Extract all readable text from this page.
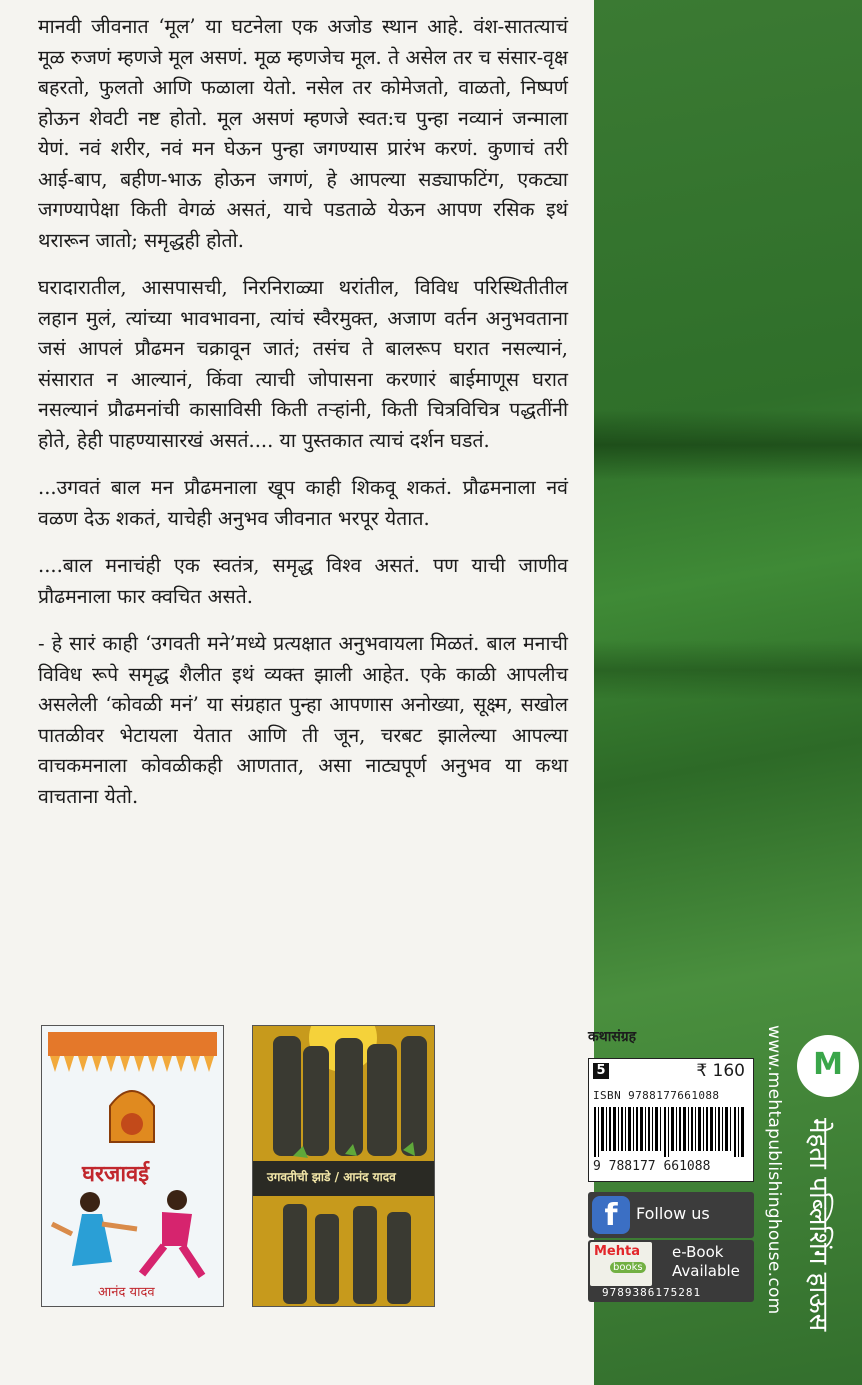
मानवी जीवनात ‘मूल’ या घटनेला एक अजोड स्थान आहे. वंश-सातत्याचं मूळ रुजणं म्हणजे मूल असणं. मूळ म्हणजेच मूल. ते असेल तर च संसार-वृक्ष बहरतो, फुलतो आणि फळाला येतो. नसेल तर कोमेजतो, वाळतो, निष्पर्ण होऊन शेवटी नष्ट होतो. मूल असणं म्हणजे स्वत:च पुन्हा नव्यानं जन्माला येणं. नवं शरीर, नवं मन घेऊन पुन्हा जगण्यास प्रारंभ करणं. कुणाचं तरी आई-बाप, बहीण-भाऊ होऊन जगणं, हे आपल्या सड्याफटिंग, एकट्या जगण्यापेक्षा किती वेगळं असतं, याचे पडताळे येऊन आपण रसिक इथं थरारून जातो; समृद्धही होतो.

घरादारातील, आसपासची, निरनिराळ्या थरांतील, विविध परिस्थितीतील लहान मुलं, त्यांच्या भावभावना, त्यांचं स्वैरमुक्त, अजाण वर्तन अनुभवताना जसं आपलं प्रौढमन चक्रावून जातं; तसंच ते बालरूप घरात नसल्यानं, संसारात न आल्यानं, किंवा त्याची जोपासना करणारं बाईमाणूस घरात नसल्यानं प्रौढमनांची कासाविसी किती तऱ्हांनी, किती चित्रविचित्र पद्धतींनी होते, हेही पाहण्यासारखं असतं.... या पुस्तकात त्याचं दर्शन घडतं.

...उगवतं बाल मन प्रौढमनाला खूप काही शिकवू शकतं. प्रौढमनाला नवं वळण देऊ शकतं, याचेही अनुभव जीवनात भरपूर येतात.

....बाल मनाचंही एक स्वतंत्र, समृद्ध विश्व असतं. पण याची जाणीव प्रौढमनाला फार क्वचित असते.

- हे सारं काही ‘उगवती मने’मध्ये प्रत्यक्षात अनुभवायला मिळतं. बाल मनाची विविध रूपे समृद्ध शैलीत इथं व्यक्त झाली आहेत. एके काळी आपलीच असलेली ‘कोवळी मनं’ या संग्रहात पुन्हा आपणास अनोख्या, सूक्ष्म, सखोल पातळीवर भेटायला येतात आणि ती जून, चरबट झालेल्या आपल्या वाचकमनाला कोवळीकही आणतात, असा नाट्यपूर्ण अनुभव या कथा वाचताना येतो.

घरजावई
आनंद यादव
उगवतीची झाडे / आनंद यादव
कथासंग्रह
5	₹ 160
ISBN 9788177661088
9 788177 661088
f	Follow us
Mehta
books
e-Book
Available
9789386175281	www.mehtapublishinghouse.com M
मेहता पब्लिशिंग हाऊस
